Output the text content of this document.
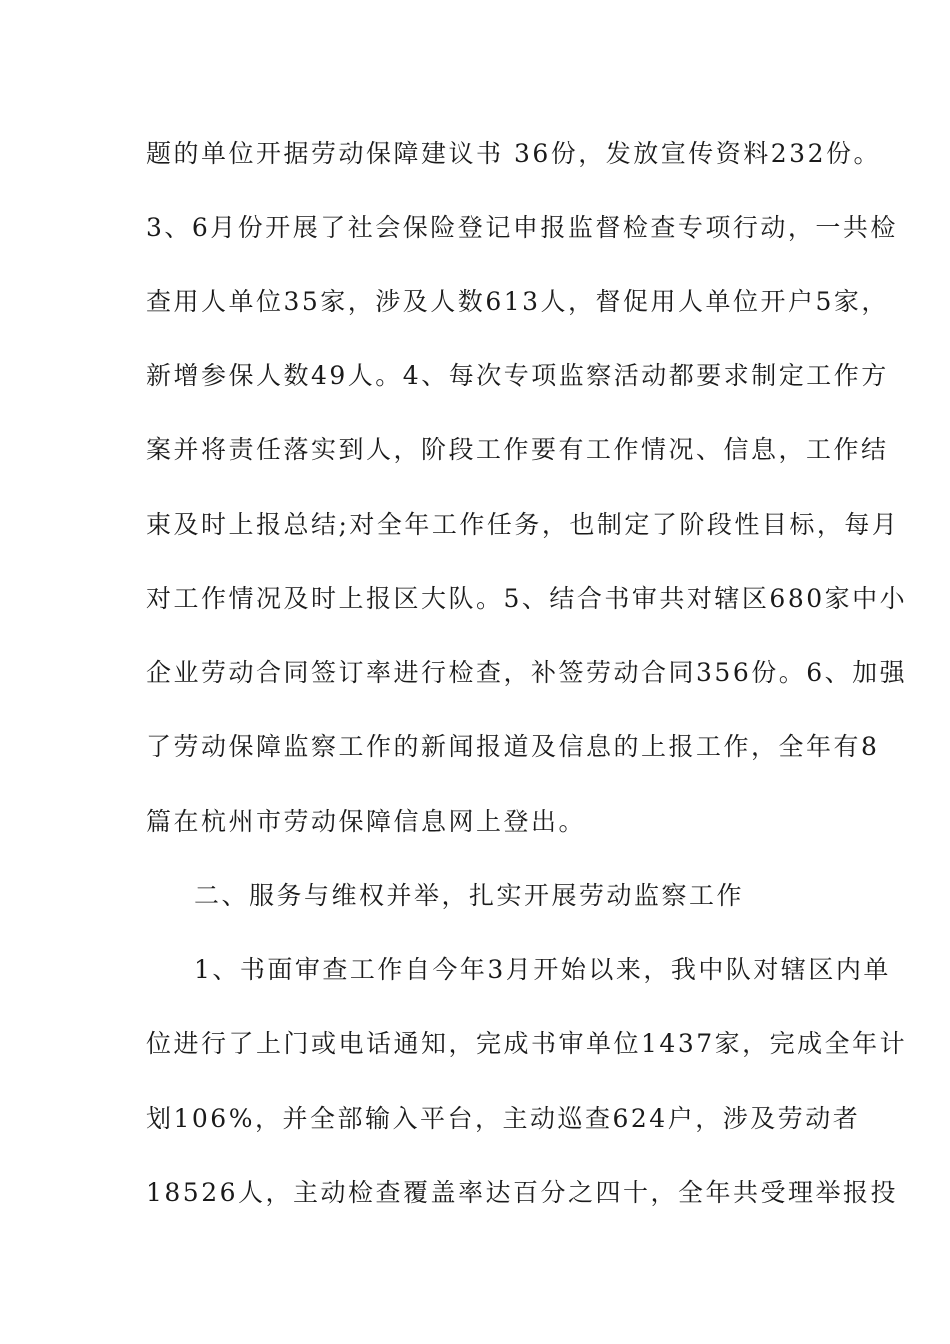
题的单位开据劳动保障建议书 36份，发放宣传资料232份。
3、6月份开展了社会保险登记申报监督检查专项行动，一共检
查用人单位35家，涉及人数613人，督促用人单位开户5家，
新增参保人数49人。4、每次专项监察活动都要求制定工作方
案并将责任落实到人，阶段工作要有工作情况、信息，工作结
束及时上报总结;对全年工作任务，也制定了阶段性目标，每月
对工作情况及时上报区大队。5、结合书审共对辖区680家中小
企业劳动合同签订率进行检查，补签劳动合同356份。6、加强
了劳动保障监察工作的新闻报道及信息的上报工作，全年有8
篇在杭州市劳动保障信息网上登出。
二、服务与维权并举，扎实开展劳动监察工作
1、书面审查工作自今年3月开始以来，我中队对辖区内单
位进行了上门或电话通知，完成书审单位1437家，完成全年计
划106%，并全部输入平台，主动巡查624户，涉及劳动者
18526人，主动检查覆盖率达百分之四十，全年共受理举报投
